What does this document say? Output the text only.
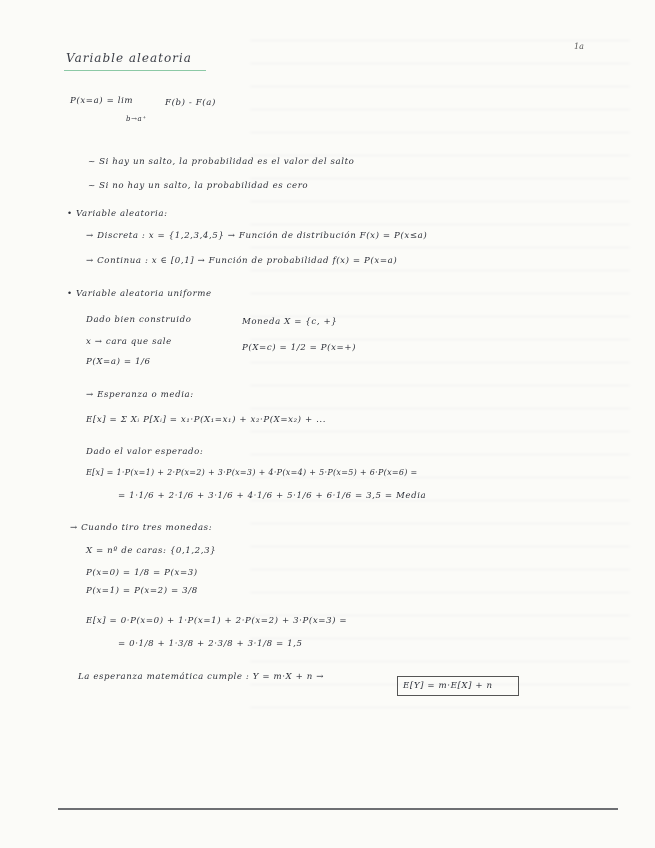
1a
Variable aleatoria
P(x=a) = lim	F(b) - F(a)
b→a⁺
~ Si hay un salto, la probabilidad es el valor del salto
~ Si no hay un salto, la probabilidad es cero
• Variable aleatoria:
→ Discreta : x = {1,2,3,4,5} → Función de distribución F(x) = P(x≤a)
→ Continua : x ∈ [0,1] → Función de probabilidad f(x) = P(x=a)
• Variable aleatoria uniforme
Dado bien construido	Moneda X = {c, +}
x → cara que sale
P(X=c) = 1/2 = P(x=+)
P(X=a) = 1/6
→ Esperanza o media:
E[x] = Σ Xᵢ P[Xᵢ] = x₁·P(X₁=x₁) + x₂·P(X=x₂) + ...
Dado el valor esperado:
E[x] = 1·P(x=1) + 2·P(x=2) + 3·P(x=3) + 4·P(x=4) + 5·P(x=5) + 6·P(x=6) =
= 1·1/6 + 2·1/6 + 3·1/6 + 4·1/6 + 5·1/6 + 6·1/6 = 3,5 = Media
→ Cuando tiro tres monedas:
X = nº de caras: {0,1,2,3}
P(x=0) = 1/8 = P(x=3)
P(x=1) = P(x=2) = 3/8
E[x] = 0·P(x=0) + 1·P(x=1) + 2·P(x=2) + 3·P(x=3) =
= 0·1/8 + 1·3/8 + 2·3/8 + 3·1/8 = 1,5
La esperanza matemática cumple : Y = m·X + n →
E[Y] = m·E[X] + n
